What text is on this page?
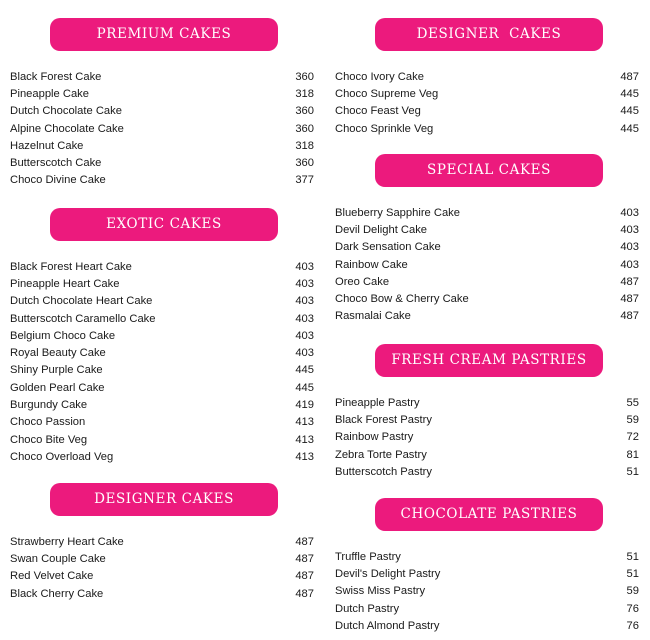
PREMIUM CAKES
Black Forest Cake	360
Pineapple Cake	318
Dutch Chocolate Cake	360
Alpine Chocolate Cake	360
Hazelnut Cake	318
Butterscotch Cake	360
Choco Divine Cake	377
EXOTIC CAKES
Black Forest Heart Cake	403
Pineapple Heart Cake	403
Dutch Chocolate Heart Cake	403
Butterscotch Caramello Cake	403
Belgium Choco Cake	403
Royal Beauty Cake	403
Shiny Purple Cake	445
Golden Pearl Cake	445
Burgundy Cake	419
Choco Passion	413
Choco Bite Veg	413
Choco Overload Veg	413
DESIGNER CAKES
Strawberry Heart Cake	487
Swan Couple Cake	487
Red Velvet Cake	487
Black Cherry Cake	487
DESIGNER  CAKES
Choco Ivory Cake	487
Choco Supreme Veg	445
Choco Feast Veg	445
Choco Sprinkle Veg	445
SPECIAL CAKES
Blueberry Sapphire Cake	403
Devil Delight Cake	403
Dark Sensation Cake	403
Rainbow Cake	403
Oreo Cake	487
Choco Bow & Cherry Cake	487
Rasmalai Cake	487
FRESH CREAM PASTRIES
Pineapple Pastry	55
Black Forest Pastry	59
Rainbow Pastry	72
Zebra Torte Pastry	81
Butterscotch Pastry	51
CHOCOLATE PASTRIES
Truffle Pastry	51
Devil's Delight Pastry	51
Swiss Miss Pastry	59
Dutch Pastry	76
Dutch Almond Pastry	76
